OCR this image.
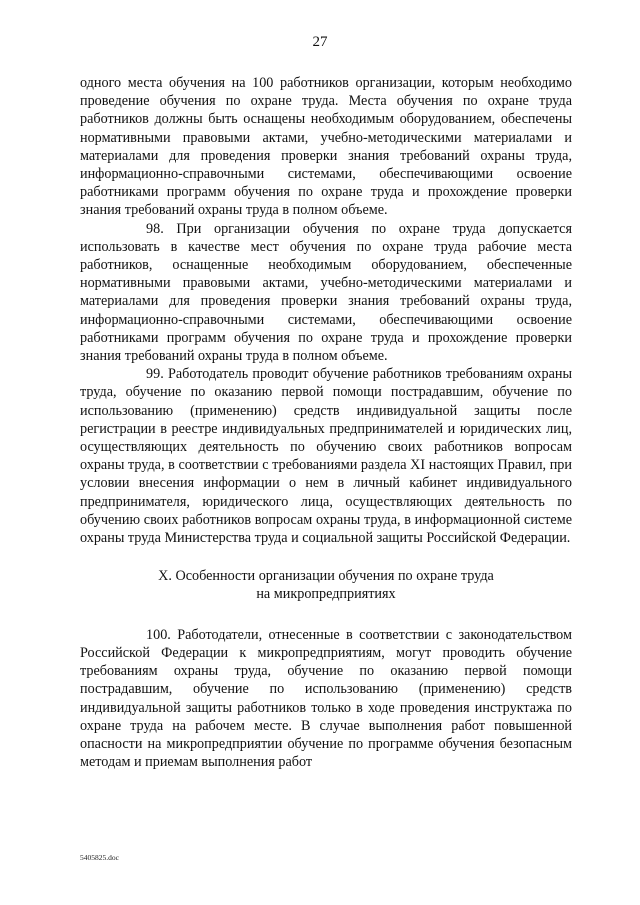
27

одного места обучения на 100 работников организации, которым необходимо проведение обучения по охране труда. Места обучения по охране труда работников должны быть оснащены необходимым оборудованием, обеспечены нормативными правовыми актами, учебно-методическими материалами и материалами для проведения проверки знания требований охраны труда, информационно-справочными системами, обеспечивающими освоение работниками программ обучения по охране труда и прохождение проверки знания требований охраны труда в полном объеме.

98. При организации обучения по охране труда допускается использовать в качестве мест обучения по охране труда рабочие места работников, оснащенные необходимым оборудованием, обеспеченные нормативными правовыми актами, учебно-методическими материалами и материалами для проведения проверки знания требований охраны труда, информационно-справочными системами, обеспечивающими освоение работниками программ обучения по охране труда и прохождение проверки знания требований охраны труда в полном объеме.

99. Работодатель проводит обучение работников требованиям охраны труда, обучение по оказанию первой помощи пострадавшим, обучение по использованию (применению) средств индивидуальной защиты после регистрации в реестре индивидуальных предпринимателей и юридических лиц, осуществляющих деятельность по обучению своих работников вопросам охраны труда, в соответствии с требованиями раздела XI настоящих Правил, при условии внесения информации о нем в личный кабинет индивидуального предпринимателя, юридического лица, осуществляющих деятельность по обучению своих работников вопросам охраны труда, в информационной системе охраны труда Министерства труда и социальной защиты Российской Федерации.

X. Особенности организации обучения по охране труда
на микропредприятиях

100. Работодатели, отнесенные в соответствии с законодательством Российской Федерации к микропредприятиям, могут проводить обучение требованиям охраны труда, обучение по оказанию первой помощи пострадавшим, обучение по использованию (применению) средств индивидуальной защиты работников только в ходе проведения инструктажа по охране труда на рабочем месте. В случае выполнения работ повышенной опасности на микропредприятии обучение по программе обучения безопасным методам и приемам выполнения работ

5405825.doc
